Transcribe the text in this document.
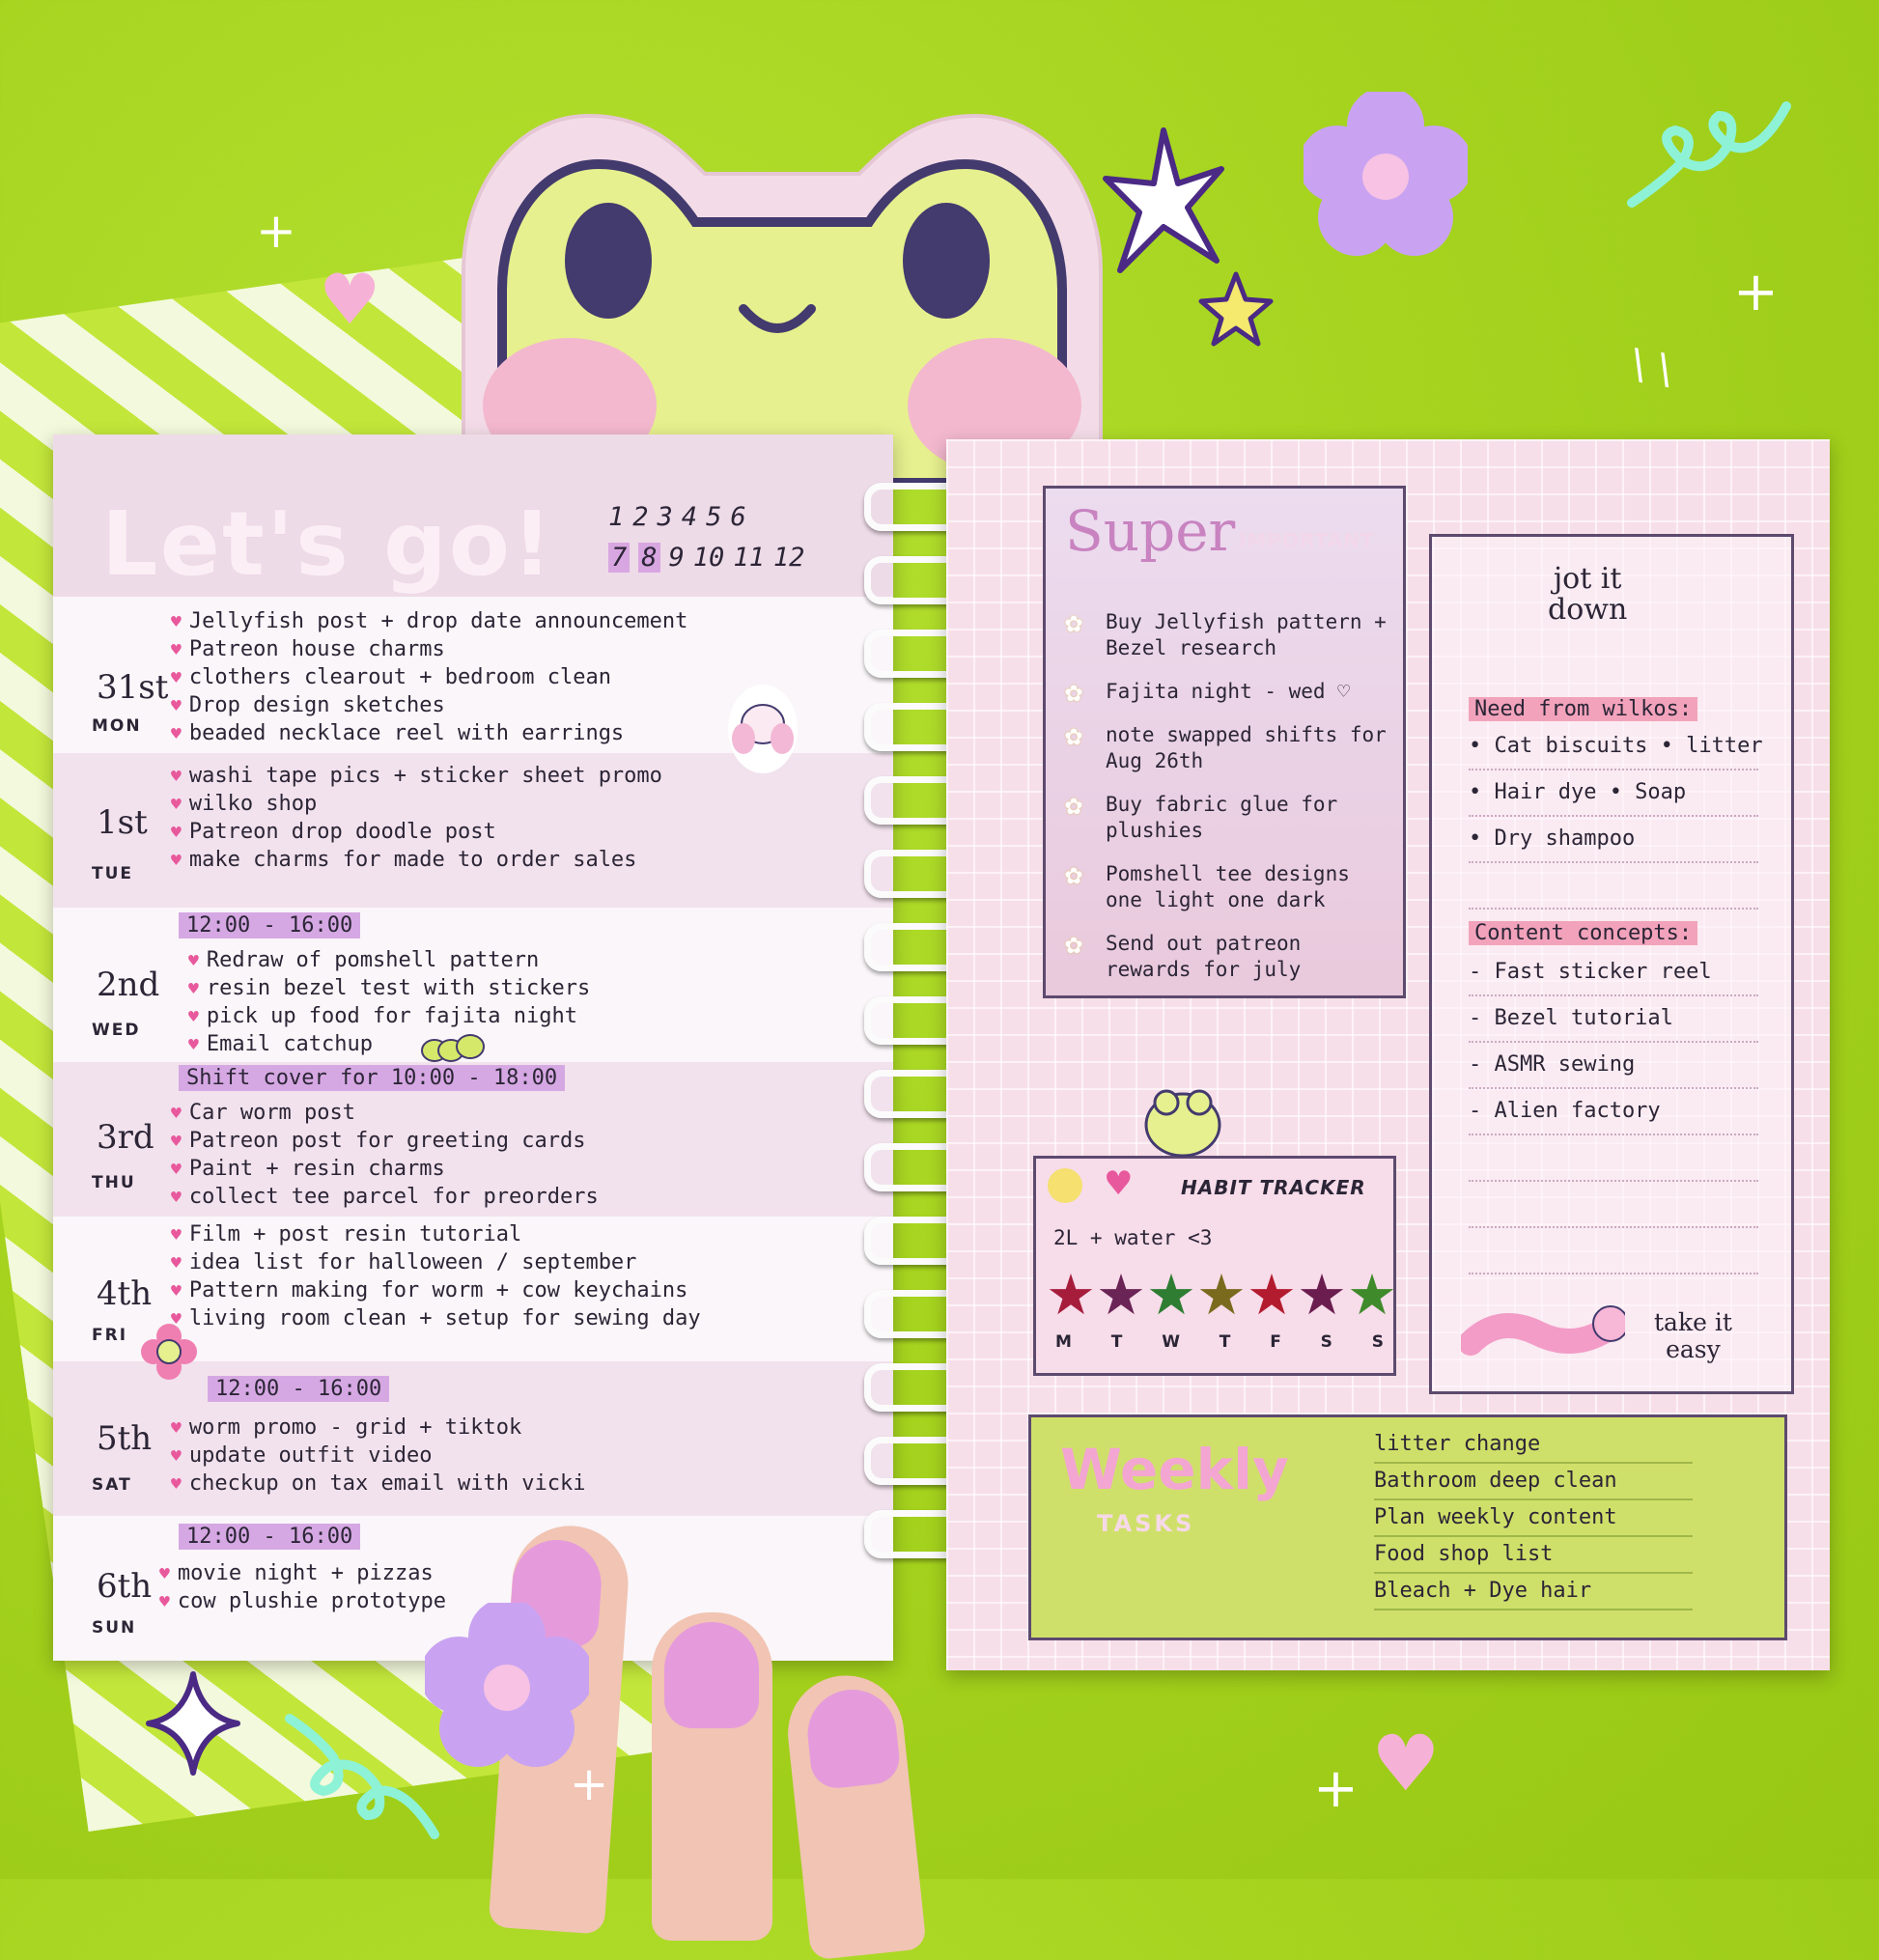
Let's go! 1 2 3 4 5 6
7 8 9 10 11 12
31st
MON
♥ Jellyfish post + drop date announcement
♥ Patreon house charms
♥ clothers clearout + bedroom clean
♥ Drop design sketches
♥ beaded necklace reel with earrings
1st
TUE
♥ washi tape pics + sticker sheet promo
♥ wilko shop
♥ Patreon drop doodle post
♥ make charms for made to order sales
12:00 - 16:00
2nd
WED
♥ Redraw of pomshell pattern
♥ resin bezel test with stickers
♥ pick up food for fajita night
♥ Email catchup
Shift cover for 10:00 - 18:00
3rd
THU
♥ Car worm post
♥ Patreon post for greeting cards
♥ Paint + resin charms
♥ collect tee parcel for preorders
4th
FRI
♥ Film + post resin tutorial
♥ idea list for halloween / september
♥ Pattern making for worm + cow keychains
♥ living room clean + setup for sewing day
12:00 - 16:00
5th
SAT
♥ worm promo - grid + tiktok
♥ update outfit video
♥ checkup on tax email with vicki
12:00 - 16:00
6th
SUN
♥ movie night + pizzas
♥ cow plushie prototype
Super IMPORTANT
✿ Buy Jellyfish pattern + Bezel research
✿ Fajita night - wed ♡
✿ note swapped shifts for Aug 26th
✿ Buy fabric glue for plushies
✿ Pomshell tee designs one light one dark
✿ Send out patreon rewards for july
jot it
down
Need from wilkos:
• Cat biscuits • litter
• Hair dye • Soap
• Dry shampoo
Content concepts:
- Fast sticker reel
- Bezel tutorial
- ASMR sewing
- Alien factory
take it
easy
♥ HABIT TRACKER
2L + water <3
★ ★ ★ ★ ★ ★ ★
M T W T F S S
Weekly
TASKS
litter change
Bathroom deep clean
Plan weekly content
Food shop list
Bleach + Dye hair
♥
♥
+
+
+
+
\ \
